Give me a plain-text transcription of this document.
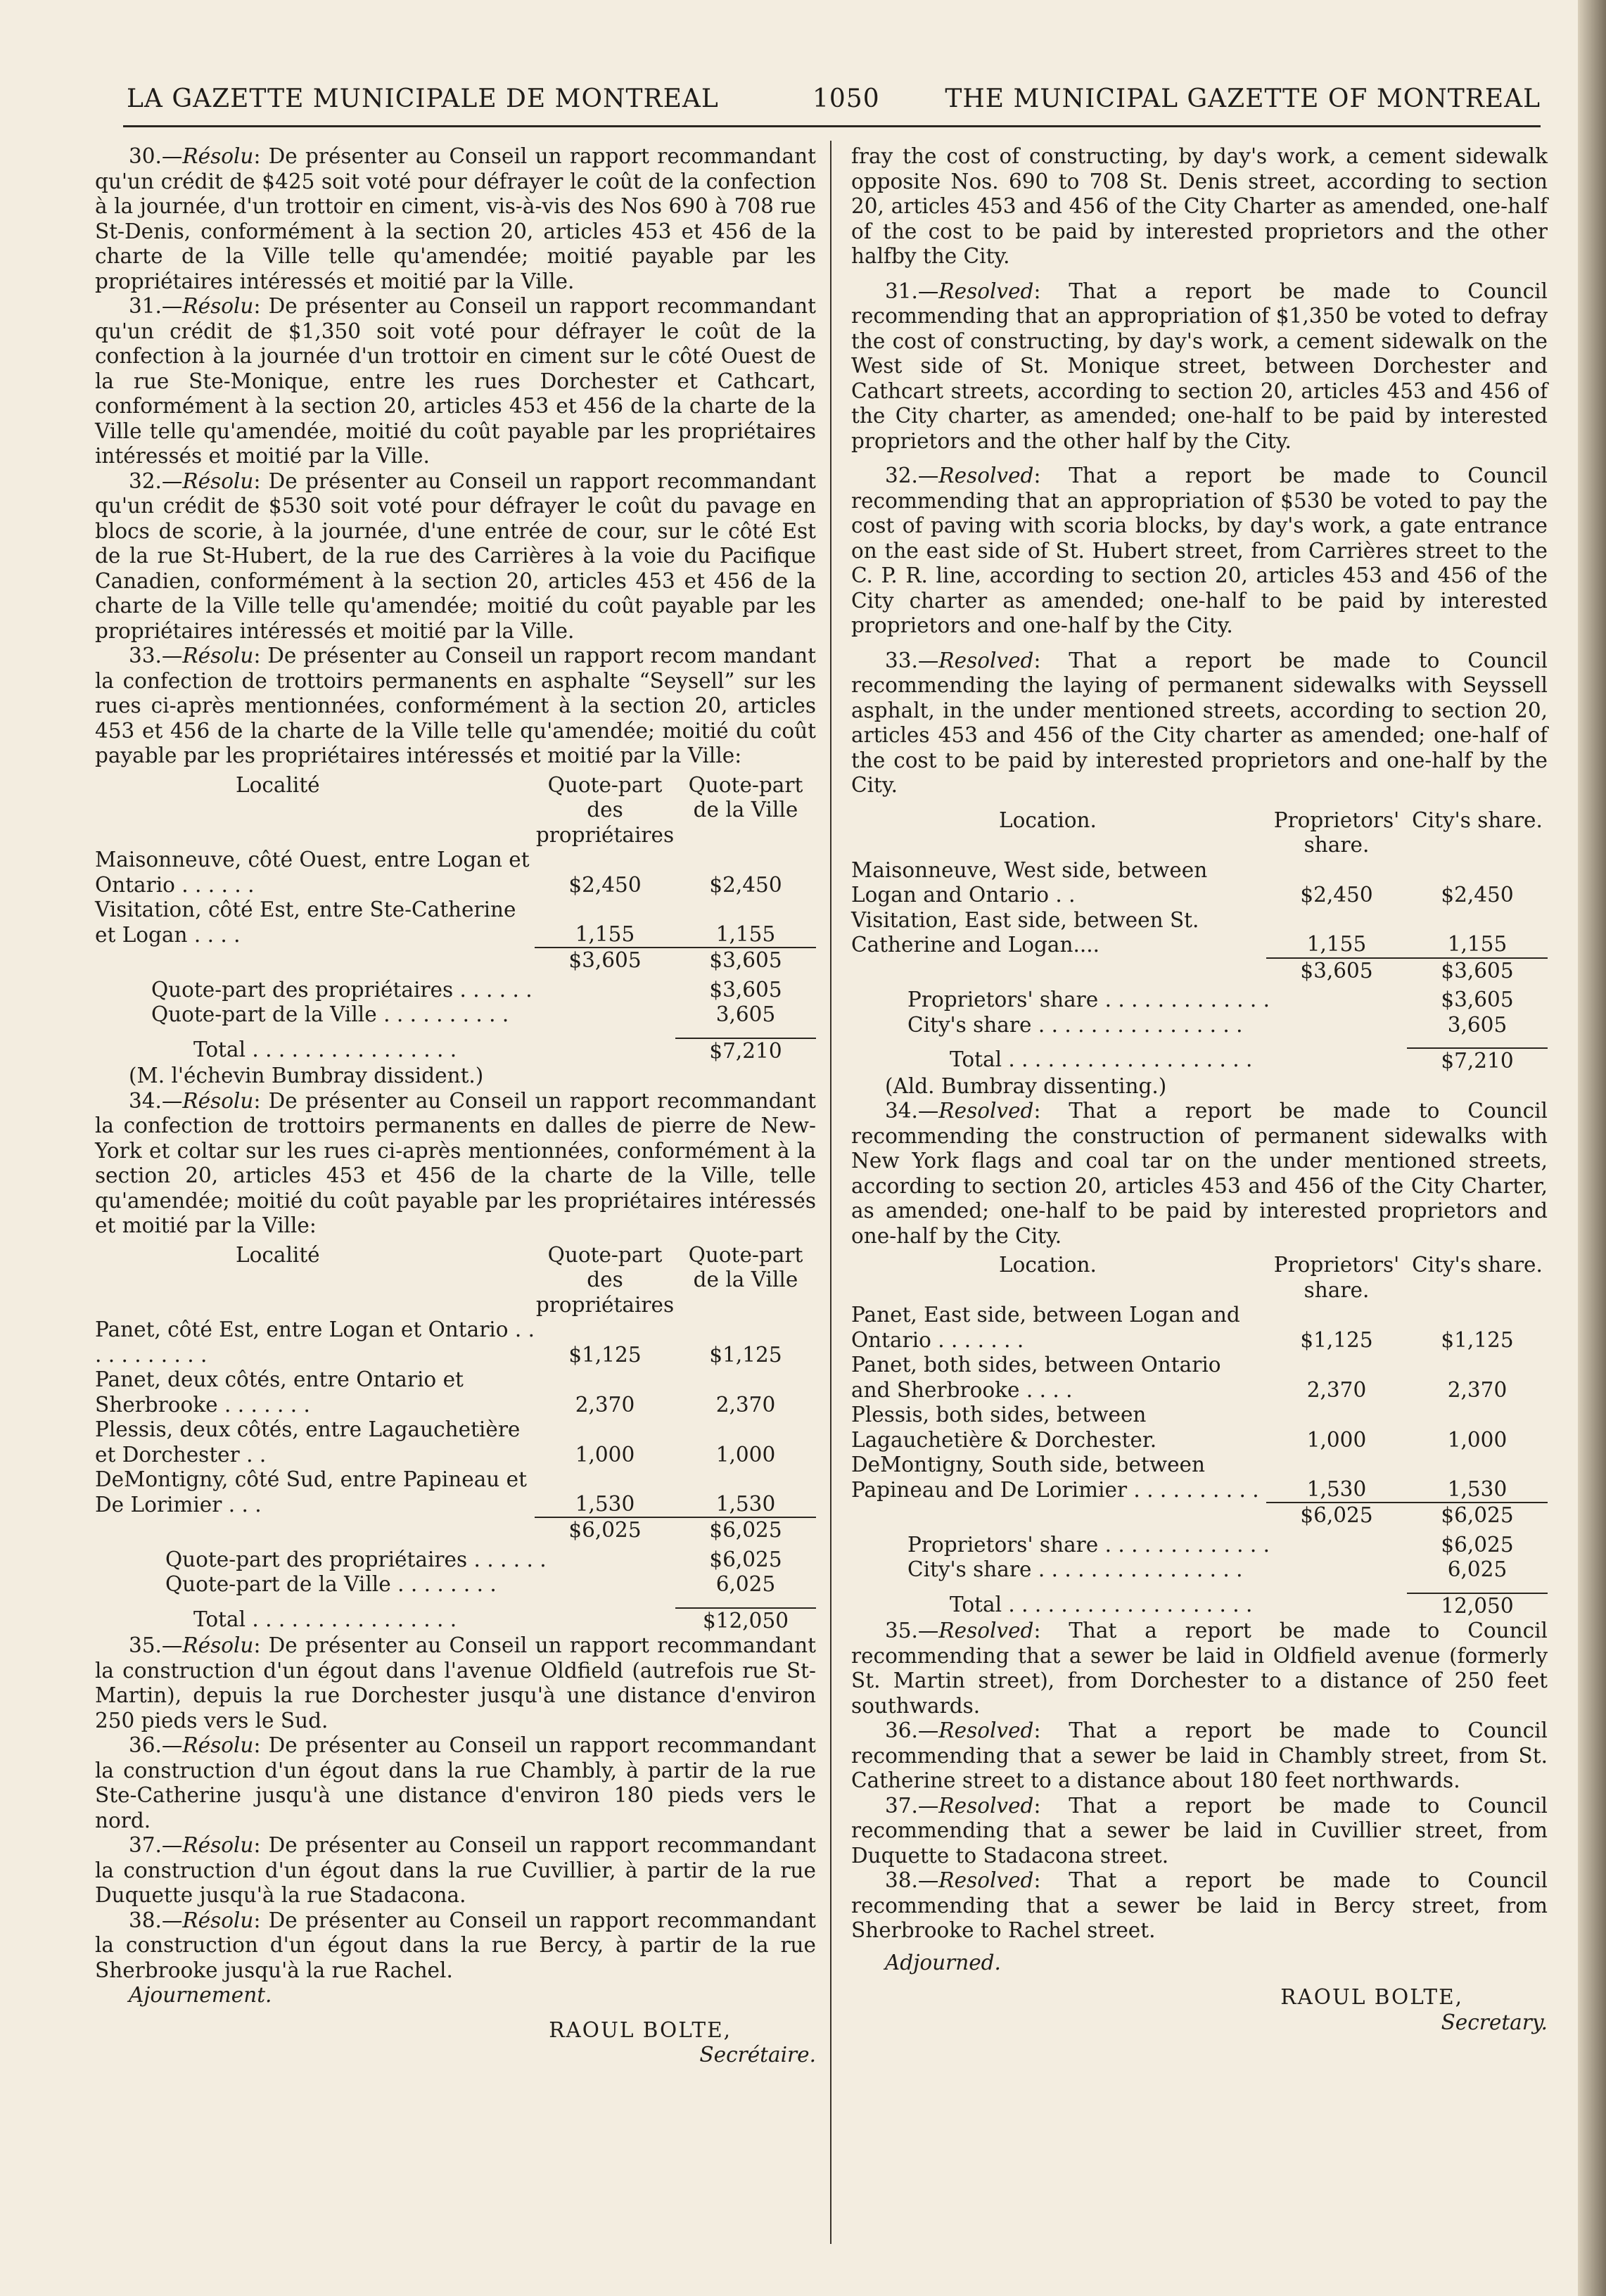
LA GAZETTE MUNICIPALE DE MONTREAL	1050	THE MUNICIPAL GAZETTE OF MONTREAL

30.—Résolu: De présenter au Conseil un rapport recommandant qu'un crédit de $425 soit voté pour défrayer le coût de la confection à la journée, d'un trottoir en ciment, vis-à-vis des Nos 690 à 708 rue St-Denis, conformément à la section 20, articles 453 et 456 de la charte de la Ville telle qu'amendée; moitié payable par les propriétaires intéressés et moitié par la Ville.

31.—Résolu: De présenter au Conseil un rapport recommandant qu'un crédit de $1,350 soit voté pour défrayer le coût de la confection à la journée d'un trottoir en ciment sur le côté Ouest de la rue Ste-Monique, entre les rues Dorchester et Cathcart, conformément à la section 20, articles 453 et 456 de la charte de la Ville telle qu'amendée, moitié du coût payable par les propriétaires intéressés et moitié par la Ville.

32.—Résolu: De présenter au Conseil un rapport recommandant qu'un crédit de $530 soit voté pour défrayer le coût du pavage en blocs de scorie, à la journée, d'une entrée de cour, sur le côté Est de la rue St-Hubert, de la rue des Carrières à la voie du Pacifique Canadien, conformément à la section 20, articles 453 et 456 de la charte de la Ville telle qu'amendée; moitié du coût payable par les propriétaires intéressés et moitié par la Ville.

33.—Résolu: De présenter au Conseil un rapport recom mandant la confection de trottoirs permanents en asphalte “Seysell” sur les rues ci-après mentionnées, conformément à la section 20, articles 453 et 456 de la charte de la Ville telle qu'amendée; moitié du coût payable par les propriétaires intéressés et moitié par la Ville:

Localité	Quote-part des propriétaires	Quote-part de la Ville
Maisonneuve, côté Ouest, entre Logan et Ontario . . . . . .	$2,450	$2,450
Visitation, côté Est, entre Ste-Catherine et Logan . . . .	1,155	1,155
	$3,605	$3,605
Quote-part des propriétaires . . . . . .	$3,605
Quote-part de la Ville . . . . . . . . . .	3,605
Total . . . . . . . . . . . . . . . .	$7,210

(M. l'échevin Bumbray dissident.)

34.—Résolu: De présenter au Conseil un rapport recommandant la confection de trottoirs permanents en dalles de pierre de New-York et coltar sur les rues ci-après mentionnées, conformément à la section 20, articles 453 et 456 de la charte de la Ville, telle qu'amendée; moitié du coût payable par les propriétaires intéressés et moitié par la Ville:

Localité	Quote-part des propriétaires	Quote-part de la Ville
Panet, côté Est, entre Logan et Ontario . . . . . . . . . . .	$1,125	$1,125
Panet, deux côtés, entre Ontario et Sherbrooke . . . . . . .	2,370	2,370
Plessis, deux côtés, entre Lagauchetière et Dorchester . .	1,000	1,000
DeMontigny, côté Sud, entre Papineau et De Lorimier . . .	1,530	1,530
	$6,025	$6,025
Quote-part des propriétaires . . . . . .	$6,025
Quote-part de la Ville . . . . . . . .	6,025
Total . . . . . . . . . . . . . . . .	$12,050

35.—Résolu: De présenter au Conseil un rapport recommandant la construction d'un égout dans l'avenue Oldfield (autrefois rue St-Martin), depuis la rue Dorchester jusqu'à une distance d'environ 250 pieds vers le Sud.

36.—Résolu: De présenter au Conseil un rapport recommandant la construction d'un égout dans la rue Chambly, à partir de la rue Ste-Catherine jusqu'à une distance d'environ 180 pieds vers le nord.

37.—Résolu: De présenter au Conseil un rapport recommandant la construction d'un égout dans la rue Cuvillier, à partir de la rue Duquette jusqu'à la rue Stadacona.

38.—Résolu: De présenter au Conseil un rapport recommandant la construction d'un égout dans la rue Bercy, à partir de la rue Sherbrooke jusqu'à la rue Rachel.

Ajournement.

RAOUL BOLTE,
Secrétaire.

fray the cost of constructing, by day's work, a cement sidewalk opposite Nos. 690 to 708 St. Denis street, according to section 20, articles 453 and 456 of the City Charter as amended, one-half of the cost to be paid by interested proprietors and the other halfby the City.

31.—Resolved: That a report be made to Council recommending that an appropriation of $1,350 be voted to defray the cost of constructing, by day's work, a cement sidewalk on the West side of St. Monique street, between Dorchester and Cathcart streets, according to section 20, articles 453 and 456 of the City charter, as amended; one-half to be paid by interested proprietors and the other half by the City.

32.—Resolved: That a report be made to Council recommending that an appropriation of $530 be voted to pay the cost of paving with scoria blocks, by day's work, a gate entrance on the east side of St. Hubert street, from Carrières street to the C. P. R. line, according to section 20, articles 453 and 456 of the City charter as amended; one-half to be paid by interested proprietors and one-half by the City.

33.—Resolved: That a report be made to Council recommending the laying of permanent sidewalks with Seyssell asphalt, in the under mentioned streets, according to section 20, articles 453 and 456 of the City charter as amended; one-half of the cost to be paid by interested proprietors and one-half by the City.

Location.	Proprietors' share.	City's share.
Maisonneuve, West side, between Logan and Ontario . .	$2,450	$2,450
Visitation, East side, between St. Catherine and Logan....	1,155	1,155
	$3,605	$3,605
Proprietors' share . . . . . . . . . . . . .	$3,605
City's share . . . . . . . . . . . . . . . .	3,605
Total . . . . . . . . . . . . . . . . . . .	$7,210

(Ald. Bumbray dissenting.)

34.—Resolved: That a report be made to Council recommending the construction of permanent sidewalks with New York flags and coal tar on the under mentioned streets, according to section 20, articles 453 and 456 of the City Charter, as amended; one-half to be paid by interested proprietors and one-half by the City.

Location.	Proprietors' share.	City's share.
Panet, East side, between Logan and Ontario . . . . . . .	$1,125	$1,125
Panet, both sides, between Ontario and Sherbrooke . . . .	2,370	2,370
Plessis, both sides, between Lagauchetière & Dorchester.	1,000	1,000
DeMontigny, South side, between Papineau and De Lorimier . . . . . . . . . .	1,530	1,530
	$6,025	$6,025
Proprietors' share . . . . . . . . . . . . .	$6,025
City's share . . . . . . . . . . . . . . . .	6,025
Total . . . . . . . . . . . . . . . . . . .	12,050

35.—Resolved: That a report be made to Council recommending that a sewer be laid in Oldfield avenue (formerly St. Martin street), from Dorchester to a distance of 250 feet southwards.

36.—Resolved: That a report be made to Council recommending that a sewer be laid in Chambly street, from St. Catherine street to a distance about 180 feet northwards.

37.—Resolved: That a report be made to Council recommending that a sewer be laid in Cuvillier street, from Duquette to Stadacona street.

38.—Resolved: That a report be made to Council recommending that a sewer be laid in Bercy street, from Sherbrooke to Rachel street.

Adjourned.

RAOUL BOLTE,
Secretary.
